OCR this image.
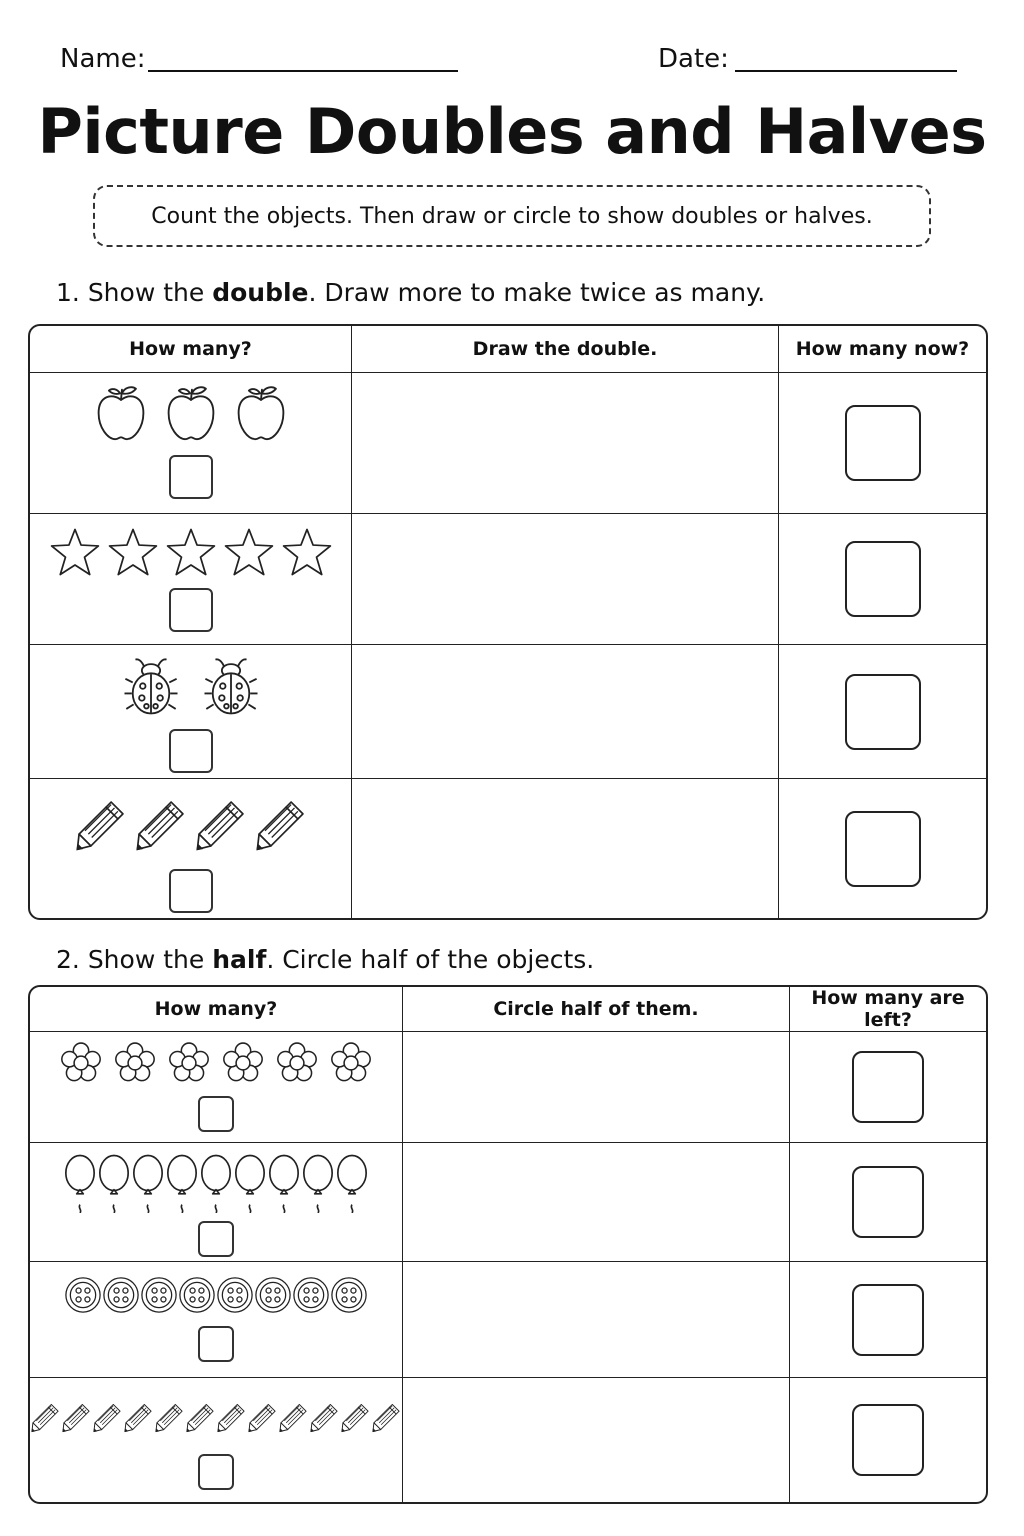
Name:	Date:
Picture Doubles and Halves
Count the objects. Then draw or circle to show doubles or halves.
1. Show the double. Draw more to make twice as many.
How many?	Draw the double.	How many now?

2. Show the half. Circle half of the objects.
How many?	Circle half of them.	How many are left?
